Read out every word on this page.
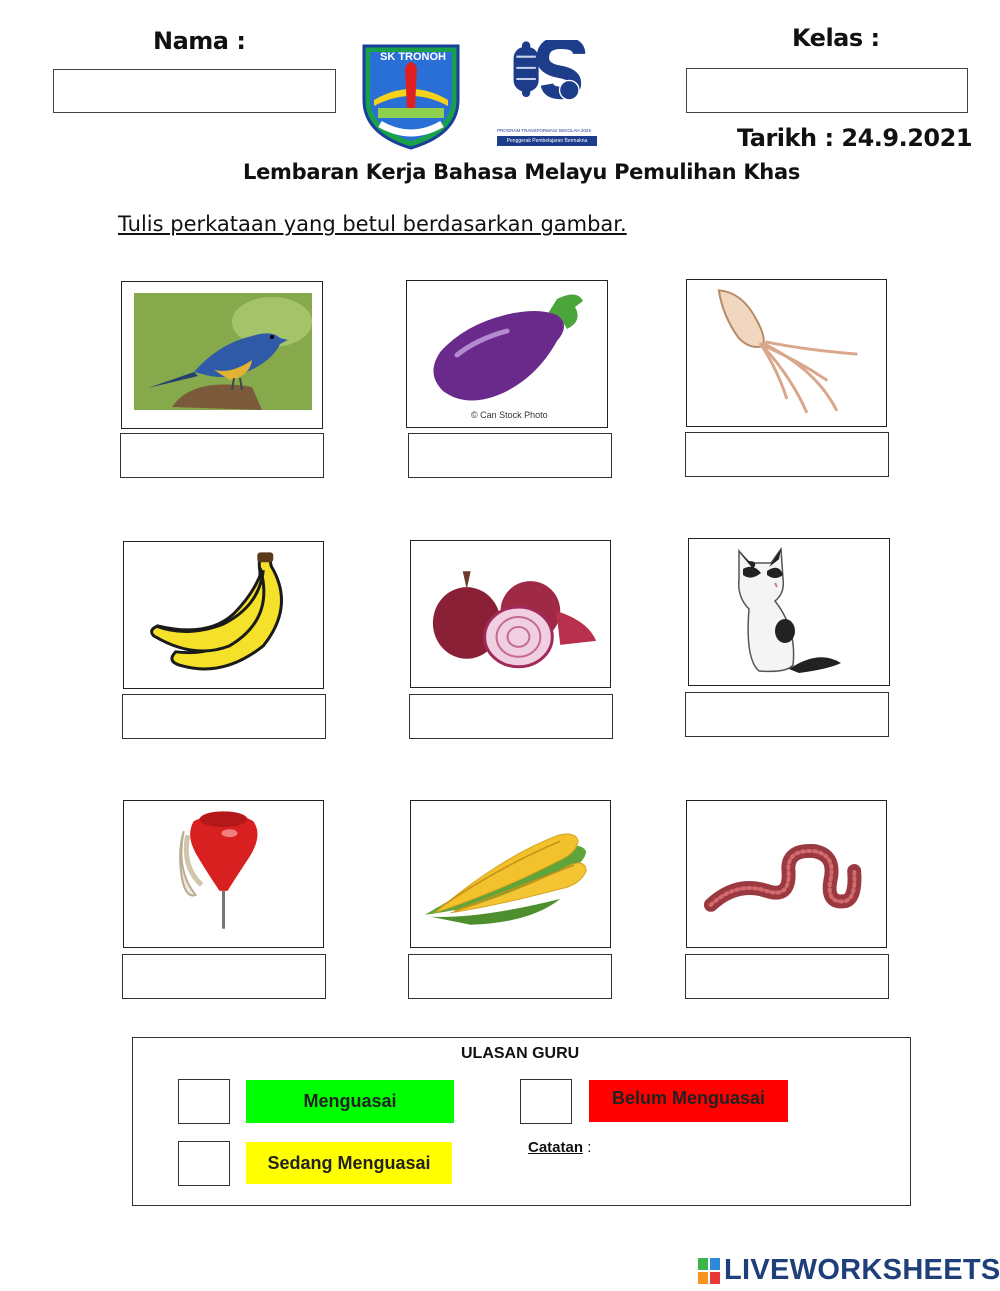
Nama :
SK TRONOH
25
PROGRAM TRANSFORMASI SEKOLAH 2025
Penggerak Pembelajaran Bermakna
Kelas :
Tarikh : 24.9.2021
Lembaran Kerja Bahasa Melayu Pemulihan Khas
Tulis perkataan yang betul berdasarkan gambar.
© Can Stock Photo
ULASAN GURU
Menguasai	Belum Menguasai
Sedang Menguasai
Catatan :
LIVEWORKSHEETS
